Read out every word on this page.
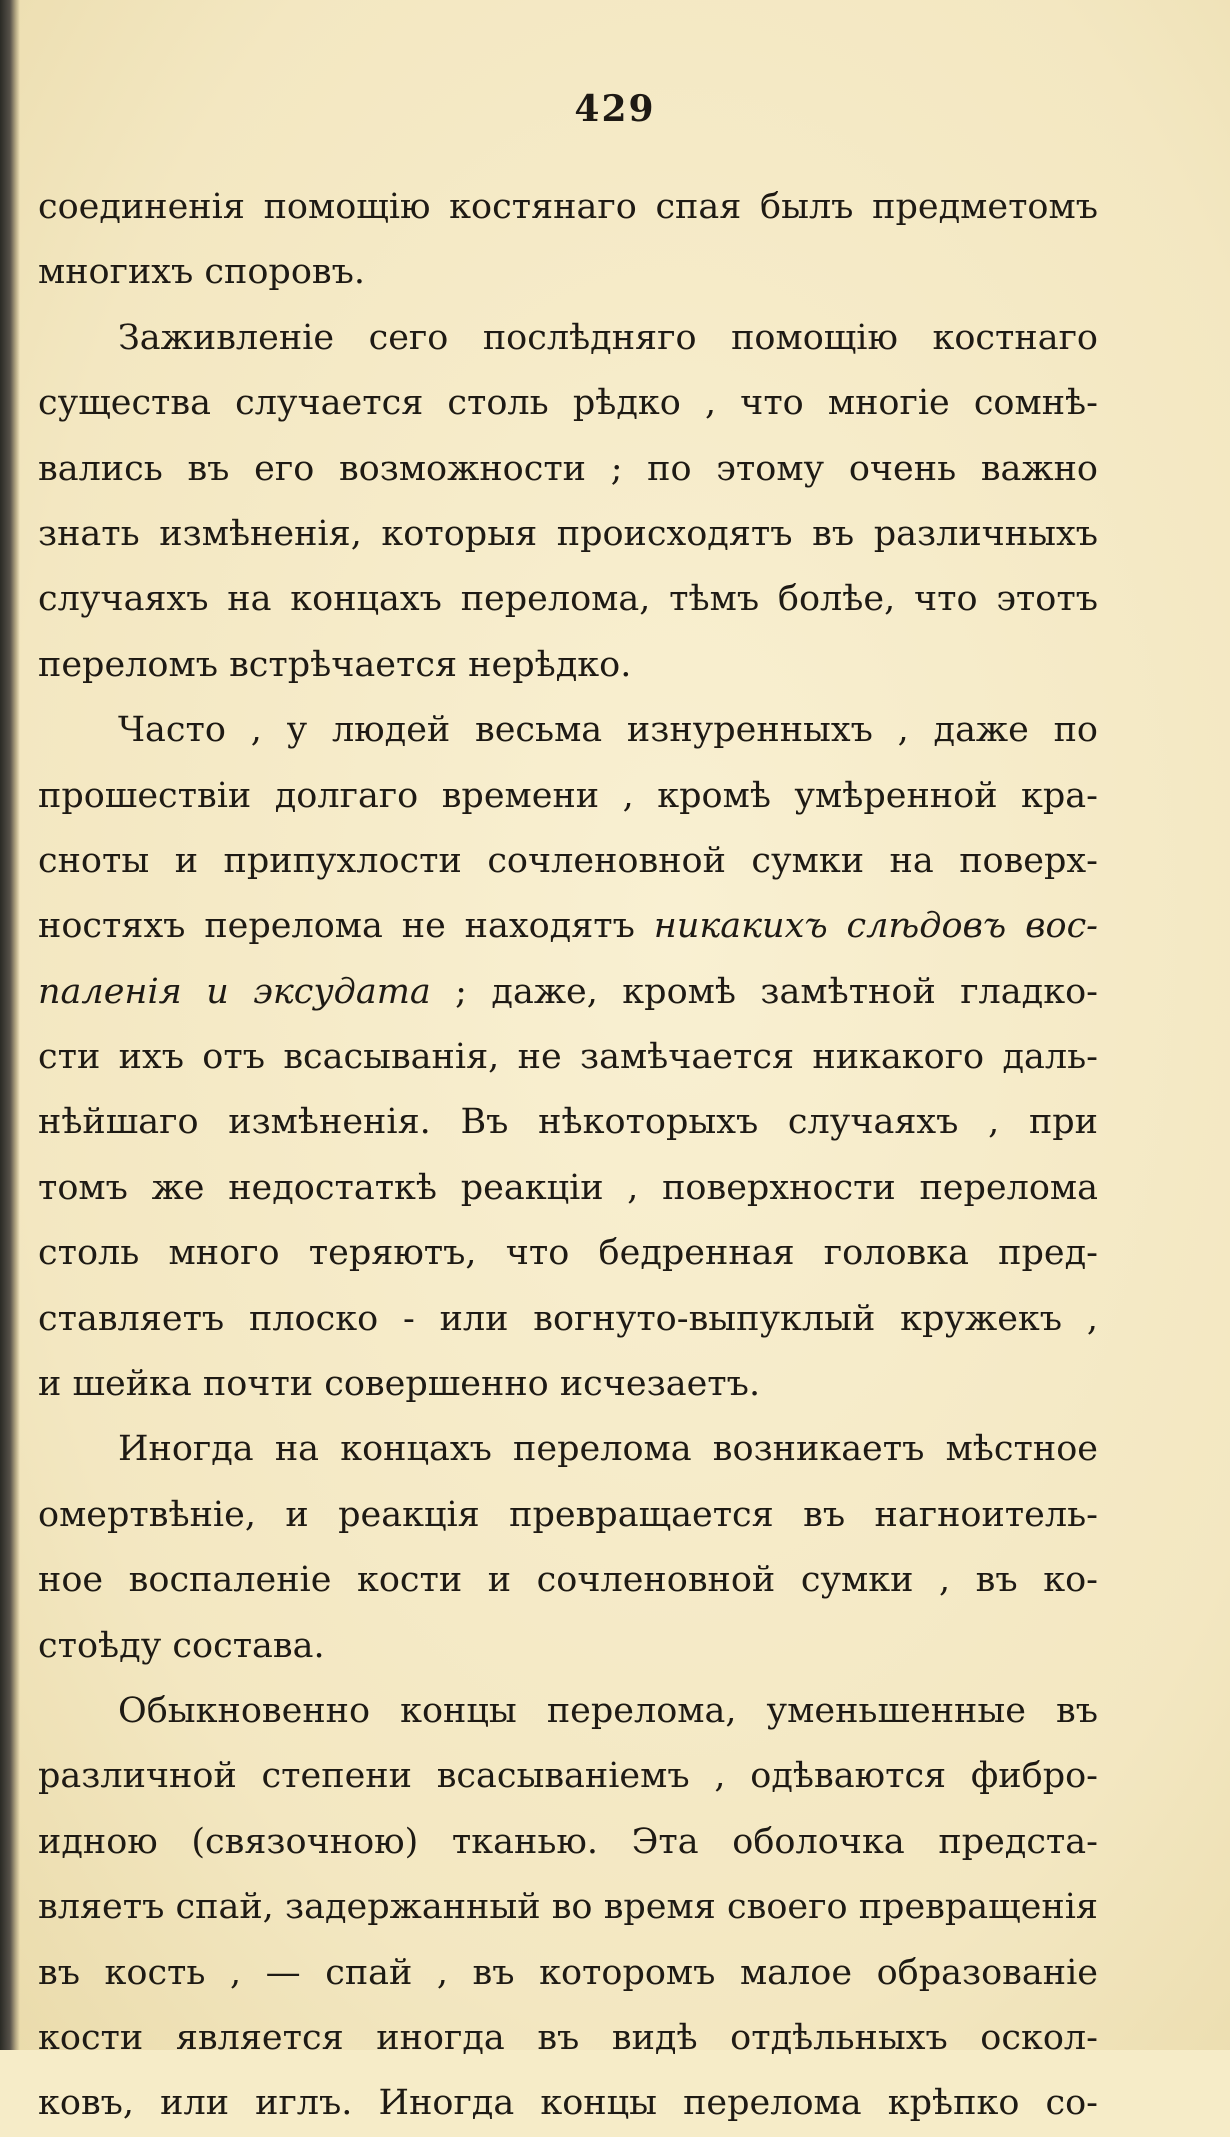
429
соединенія помощію костянаго спая былъ предметомъ
многихъ споровъ.
Заживленіе сего послѣдняго помощію костнаго
существа случается столь рѣдко , что многіе сомнѣ-
вались въ его возможности ; по этому очень важно
знать измѣненія, которыя происходятъ въ различныхъ
случаяхъ на концахъ перелома, тѣмъ болѣе, что этотъ
переломъ встрѣчается нерѣдко.
Часто , у людей весьма изнуренныхъ , даже по
прошествіи долгаго времени , кромѣ умѣренной кра-
сноты и припухлости сочленовной сумки на поверх-
ностяхъ перелома не находятъ никакихъ слѣдовъ вос-
паленія и эксудата ; даже, кромѣ замѣтной гладко-
сти ихъ отъ всасыванія, не замѣчается никакого даль-
нѣйшаго измѣненія. Въ нѣкоторыхъ случаяхъ , при
томъ же недостаткѣ реакціи , поверхности перелома
столь много теряютъ, что бедренная головка пред-
ставляетъ плоско - или вогнуто-выпуклый кружекъ ,
и шейка почти совершенно исчезаетъ.
Иногда на концахъ перелома возникаетъ мѣстное
омертвѣніе, и реакція превращается въ нагноитель-
ное воспаленіе кости и сочленовной сумки , въ ко-
стоѣду состава.
Обыкновенно концы перелома, уменьшенные въ
различной степени всасываніемъ , одѣваются фибро-
идною (связочною) тканью. Эта оболочка предста-
вляетъ спай, задержанный во время своего превращенія
въ кость , — спай , въ которомъ малое образованіе
кости является иногда въ видѣ отдѣльныхъ оскол-
ковъ, или иглъ. Иногда концы перелома крѣпко со-
